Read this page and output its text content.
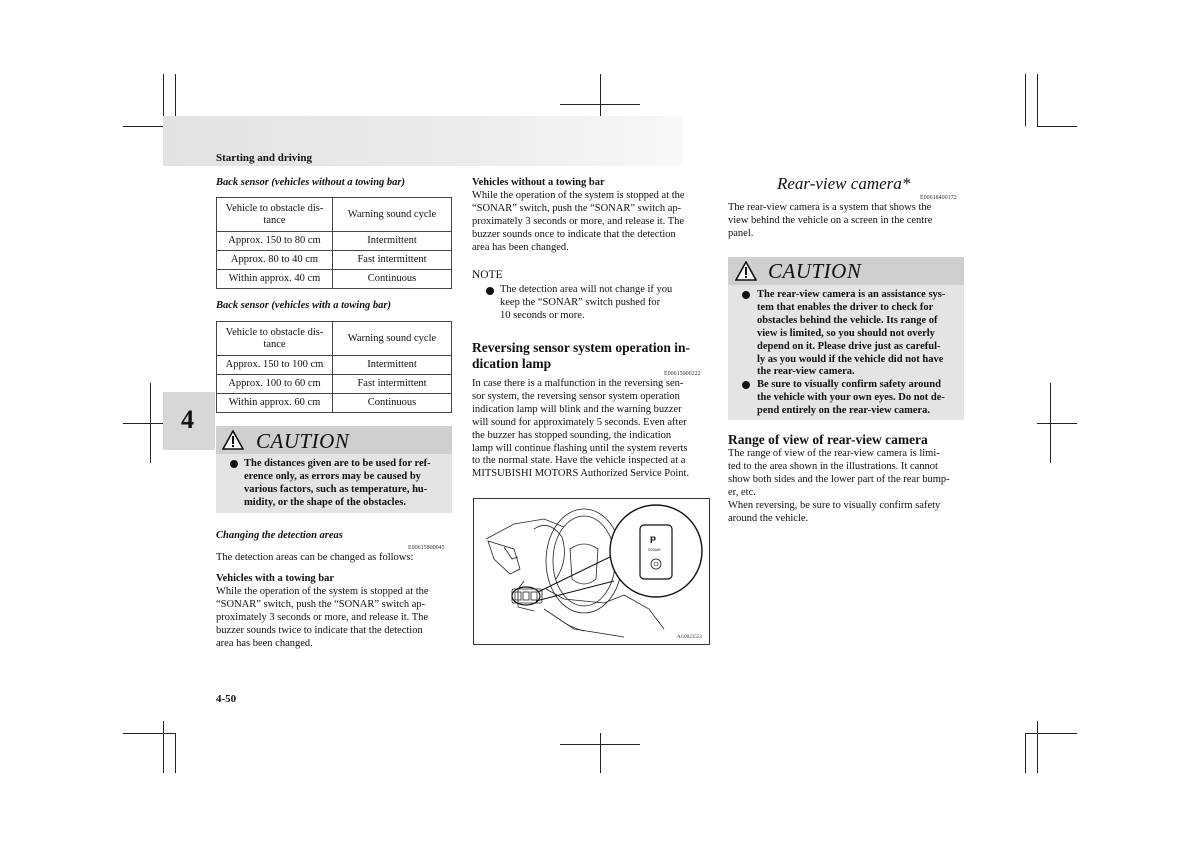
Starting and driving
4
Back sensor (vehicles without a towing bar)
Vehicle to obstacle dis-
tance	Warning sound cycle
Approx. 150 to 80 cm	Intermittent
Approx. 80 to 40 cm	Fast intermittent
Within approx. 40 cm	Continuous
Back sensor (vehicles with a towing bar)
Vehicle to obstacle dis-
tance	Warning sound cycle
Approx. 150 to 100 cm	Intermittent
Approx. 100 to 60 cm	Fast intermittent
Within approx. 60 cm	Continuous
CAUTION
The distances given are to be used for ref-
erence only, as errors may be caused by
various factors, such as temperature, hu-
midity, or the shape of the obstacles.
Changing the detection areas
E00615800045
The detection areas can be changed as follows:
Vehicles with a towing bar
While the operation of the system is stopped at the
“SONAR” switch, push the “SONAR” switch ap-
proximately 3 seconds or more, and release it. The
buzzer sounds twice to indicate that the detection
area has been changed.
4-50
Vehicles without a towing bar
While the operation of the system is stopped at the
“SONAR” switch, push the “SONAR” switch ap-
proximately 3 seconds or more, and release it. The
buzzer sounds once to indicate that the detection
area has been changed.
NOTE
The detection area will not change if you
keep the “SONAR” switch pushed for
10 seconds or more.
Reversing sensor system operation in-
dication lamp
E00615900222
In case there is a malfunction in the reversing sen-
sor system, the reversing sensor system operation
indication lamp will blink and the warning buzzer
will sound for approximately 5 seconds. Even after
the buzzer has stopped sounding, the indication
lamp will continue flashing until the system reverts
to the normal state. Have the vehicle inspected at a
MITSUBISHI MOTORS Authorized Service Point.
P
SONAR
AG0023553
Rear-view camera*
E00618400172
The rear-view camera is a system that shows the
view behind the vehicle on a screen in the centre
panel.
CAUTION
The rear-view camera is an assistance sys-
tem that enables the driver to check for
obstacles behind the vehicle. Its range of
view is limited, so you should not overly
depend on it. Please drive just as careful-
ly as you would if the vehicle did not have
the rear-view camera.
Be sure to visually confirm safety around
the vehicle with your own eyes. Do not de-
pend entirely on the rear-view camera.
Range of view of rear-view camera
The range of view of the rear-view camera is limi-
ted to the area shown in the illustrations. It cannot
show both sides and the lower part of the rear bump-
er, etc.
When reversing, be sure to visually confirm safety
around the vehicle.
